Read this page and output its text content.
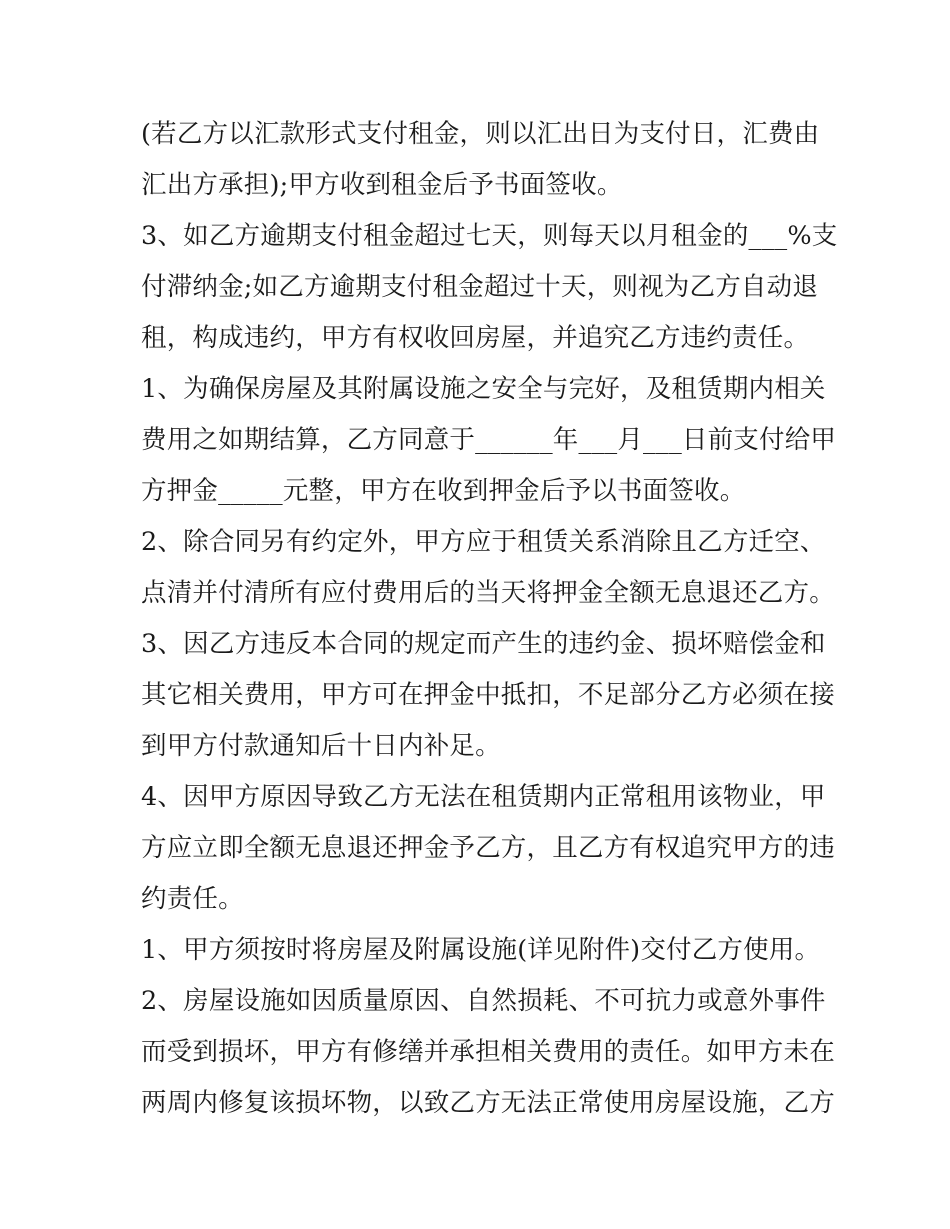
(若乙方以汇款形式支付租金，则以汇出日为支付日，汇费由
汇出方承担);甲方收到租金后予书面签收。
3、如乙方逾期支付租金超过七天，则每天以月租金的___%支
付滞纳金;如乙方逾期支付租金超过十天，则视为乙方自动退
租，构成违约，甲方有权收回房屋，并追究乙方违约责任。
1、为确保房屋及其附属设施之安全与完好，及租赁期内相关
费用之如期结算，乙方同意于______年___月___日前支付给甲
方押金_____元整，甲方在收到押金后予以书面签收。
2、除合同另有约定外，甲方应于租赁关系消除且乙方迁空、
点清并付清所有应付费用后的当天将押金全额无息退还乙方。
3、因乙方违反本合同的规定而产生的违约金、损坏赔偿金和
其它相关费用，甲方可在押金中抵扣，不足部分乙方必须在接
到甲方付款通知后十日内补足。
4、因甲方原因导致乙方无法在租赁期内正常租用该物业，甲
方应立即全额无息退还押金予乙方，且乙方有权追究甲方的违
约责任。
1、甲方须按时将房屋及附属设施(详见附件)交付乙方使用。
2、房屋设施如因质量原因、自然损耗、不可抗力或意外事件
而受到损坏，甲方有修缮并承担相关费用的责任。如甲方未在
两周内修复该损坏物，以致乙方无法正常使用房屋设施，乙方
